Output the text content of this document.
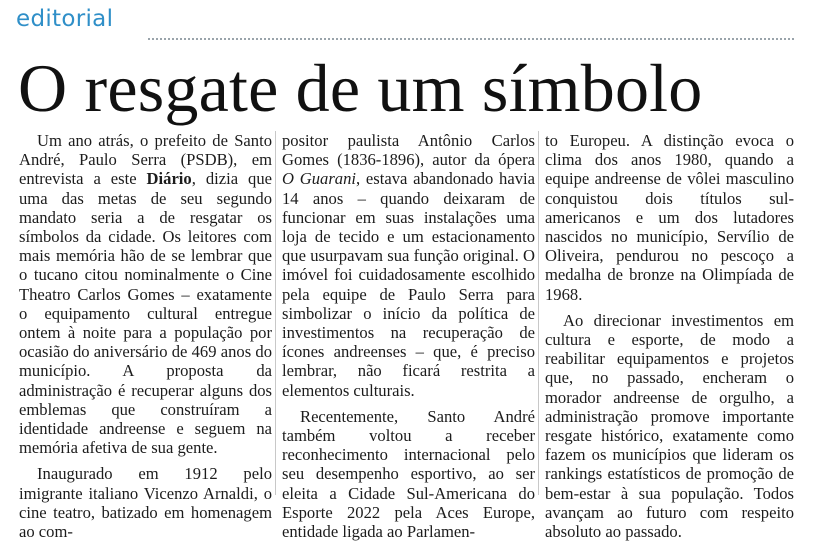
editorial
O resgate de um símbolo

Um ano atrás, o prefeito de Santo André, Paulo Serra (PSDB), em entrevista a este Diário, dizia que uma das metas de seu segundo mandato seria a de resgatar os símbolos da cidade. Os leitores com mais memória hão de se lembrar que o tucano citou nominalmente o Cine Theatro Carlos Gomes – exatamente o equipamento cultural entregue ontem à noite para a população por ocasião do aniversário de 469 anos do município. A proposta da administração é recuperar alguns dos emblemas que construíram a identidade andreense e seguem na memória afetiva de sua gente.

Inaugurado em 1912 pelo imigrante italiano Vicenzo Arnaldi, o cine teatro, batizado em homenagem ao com-

positor paulista Antônio Carlos Gomes (1836-1896), autor da ópera O Guarani, estava abandonado havia 14 anos – quando deixaram de funcionar em suas instalações uma loja de tecido e um estacionamento que usurpavam sua função original. O imóvel foi cuidadosamente escolhido pela equipe de Paulo Serra para simbolizar o início da política de investimentos na recuperação de ícones andreenses – que, é preciso lembrar, não ficará restrita a elementos culturais.

Recentemente, Santo André também voltou a receber reconhecimento internacional pelo seu desempenho esportivo, ao ser eleita a Cidade Sul-Americana do Esporte 2022 pela Aces Europe, entidade ligada ao Parlamen-

to Europeu. A distinção evoca o clima dos anos 1980, quando a equipe andreense de vôlei masculino conquistou dois títulos sul-americanos e um dos lutadores nascidos no município, Servílio de Oliveira, pendurou no pescoço a medalha de bronze na Olimpíada de 1968.

Ao direcionar investimentos em cultura e esporte, de modo a reabilitar equipamentos e projetos que, no passado, encheram o morador andreense de orgulho, a administração promove importante resgate histórico, exatamente como fazem os municípios que lideram os rankings estatísticos de promoção de bem-estar à sua população. Todos avançam ao futuro com respeito absoluto ao passado.
